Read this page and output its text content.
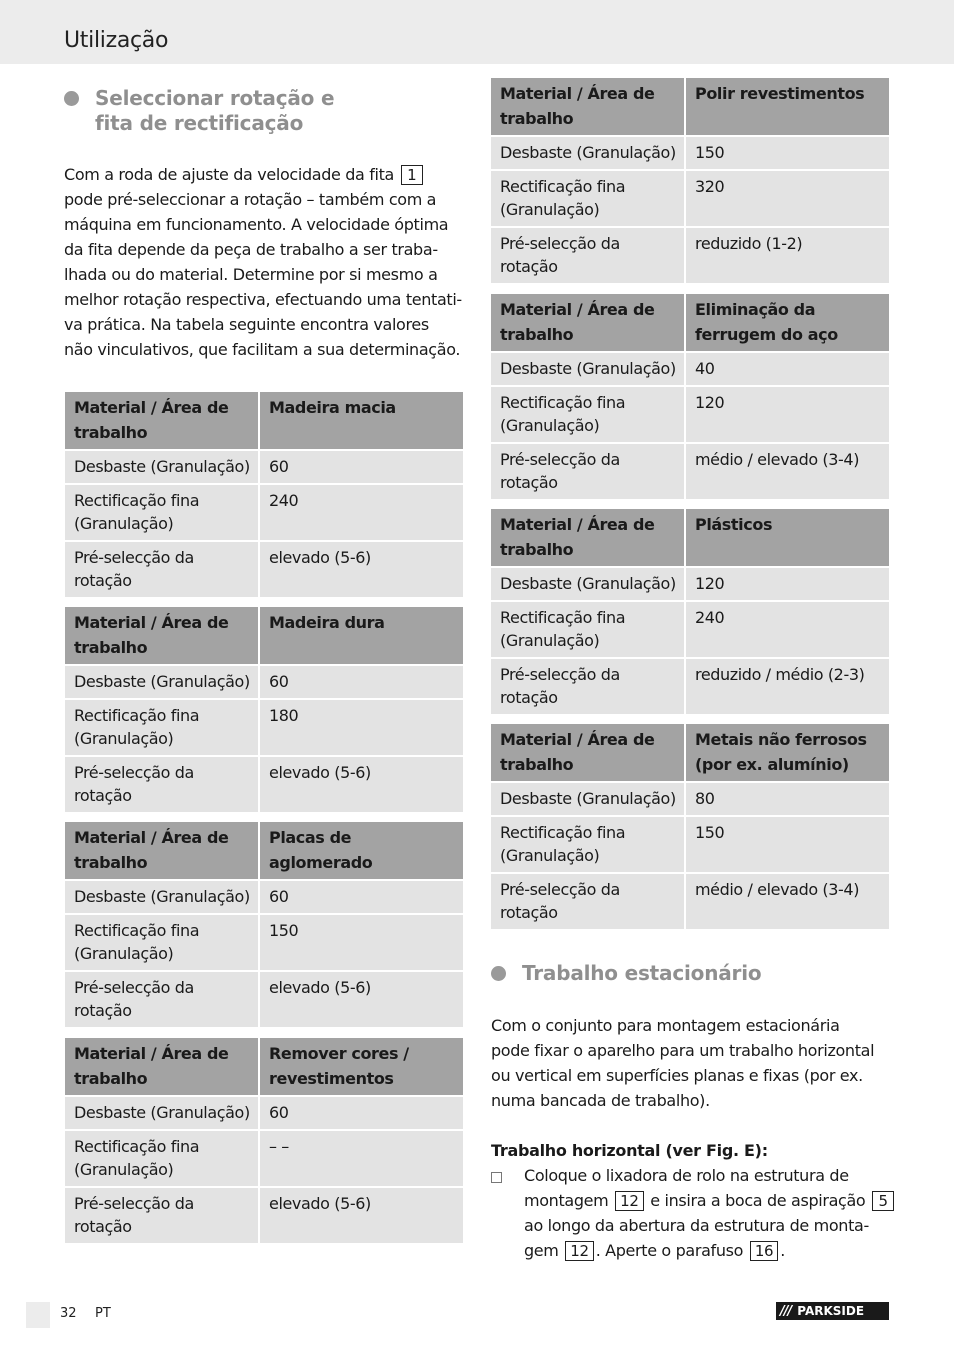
Utilização
Seleccionar rotação e
fita de rectificação
Com a roda de ajuste da velocidade da fita 1
pode pré-seleccionar a rotação – também com a
máquina em funcionamento. A velocidade óptima
da fita depende da peça de trabalho a ser traba-
lhada ou do material. Determine por si mesmo a
melhor rotação respectiva, efectuando uma tentati-
va prática. Na tabela seguinte encontra valores
não vinculativos, que facilitam a sua determinação.
Material / Área de trabalho	Madeira macia
Desbaste (Granulação)	60
Rectificação fina (Granulação)	240
Pré-selecção da rotação	elevado (5-6)
Material / Área de trabalho	Madeira dura
Desbaste (Granulação)	60
Rectificação fina (Granulação)	180
Pré-selecção da rotação	elevado (5-6)
Material / Área de trabalho	Placas de aglomerado
Desbaste (Granulação)	60
Rectificação fina (Granulação)	150
Pré-selecção da rotação	elevado (5-6)
Material / Área de trabalho	Remover cores / revestimentos
Desbaste (Granulação)	60
Rectificação fina (Granulação)	– –
Pré-selecção da rotação	elevado (5-6)
Material / Área de trabalho	Polir revestimentos
Desbaste (Granulação)	150
Rectificação fina (Granulação)	320
Pré-selecção da rotação	reduzido (1-2)
Material / Área de trabalho	Eliminação da ferrugem do aço
Desbaste (Granulação)	40
Rectificação fina (Granulação)	120
Pré-selecção da rotação	médio / elevado (3-4)
Material / Área de trabalho	Plásticos
Desbaste (Granulação)	120
Rectificação fina (Granulação)	240
Pré-selecção da rotação	reduzido / médio (2-3)
Material / Área de trabalho	Metais não ferrosos (por ex. alumínio)
Desbaste (Granulação)	80
Rectificação fina (Granulação)	150
Pré-selecção da rotação	médio / elevado (3-4)
Trabalho estacionário
Com o conjunto para montagem estacionária
pode fixar o aparelho para um trabalho horizontal
ou vertical em superfícies planas e fixas (por ex.
numa bancada de trabalho).
Trabalho horizontal (ver Fig. E):
Coloque o lixadora de rolo na estrutura de
montagem 12 e insira a boca de aspiração 5
ao longo da abertura da estrutura de monta-
gem 12 . Aperte o parafuso 16 .
32 PT	/// PARKSIDE
